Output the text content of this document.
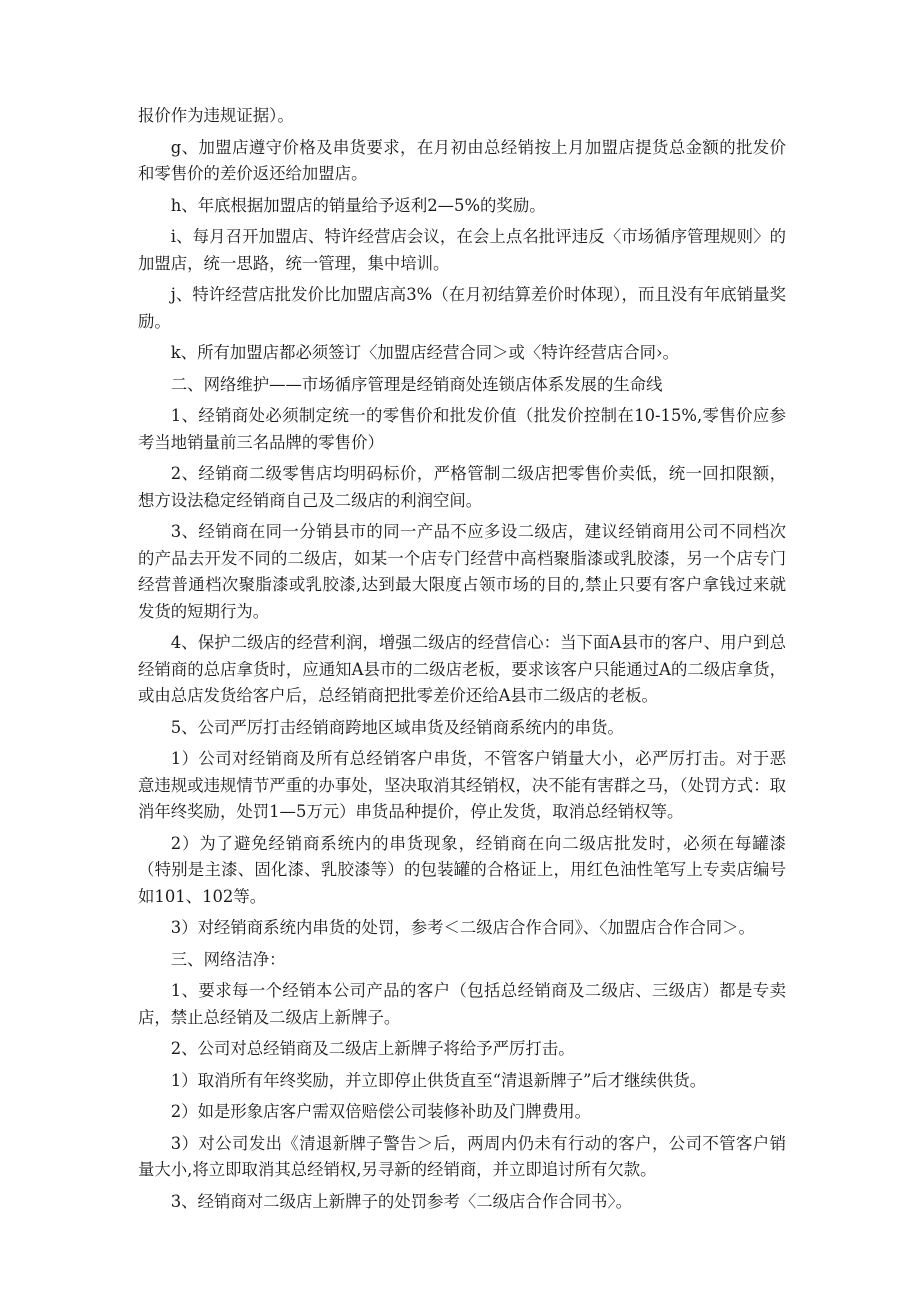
报价作为违规证据）。

g、加盟店遵守价格及串货要求，在月初由总经销按上月加盟店提货总金额的批发价和零售价的差价返还给加盟店。

h、年底根据加盟店的销量给予返利2—5%的奖励。

i、每月召开加盟店、特许经营店会议，在会上点名批评违反〈市场循序管理规则〉的加盟店，统一思路，统一管理，集中培训。

j、特许经营店批发价比加盟店高3%（在月初结算差价时体现），而且没有年底销量奖励。

k、所有加盟店都必须签订〈加盟店经营合同＞或〈特许经营店合同›。

二、网络维护——市场循序管理是经销商处连锁店体系发展的生命线

1、经销商处必须制定统一的零售价和批发价值（批发价控制在10-15%,零售价应参考当地销量前三名品牌的零售价）

2、经销商二级零售店均明码标价，严格管制二级店把零售价卖低，统一回扣限额，想方设法稳定经销商自己及二级店的利润空间。

3、经销商在同一分销县市的同一产品不应多设二级店，建议经销商用公司不同档次的产品去开发不同的二级店，如某一个店专门经营中高档聚脂漆或乳胶漆，另一个店专门经营普通档次聚脂漆或乳胶漆,达到最大限度占领市场的目的,禁止只要有客户拿钱过来就发货的短期行为。

4、保护二级店的经营利润，增强二级店的经营信心：当下面A县市的客户、用户到总经销商的总店拿货时，应通知A县市的二级店老板，要求该客户只能通过A的二级店拿货，或由总店发货给客户后，总经销商把批零差价还给A县市二级店的老板。

5、公司严厉打击经销商跨地区域串货及经销商系统内的串货。

1）公司对经销商及所有总经销客户串货，不管客户销量大小，必严厉打击。对于恶意违规或违规情节严重的办事处，坚决取消其经销权，决不能有害群之马，（处罚方式：取消年终奖励，处罚1—5万元）串货品种提价，停止发货，取消总经销权等。

2）为了避免经销商系统内的串货现象，经销商在向二级店批发时，必须在每罐漆（特别是主漆、固化漆、乳胶漆等）的包装罐的合格证上，用红色油性笔写上专卖店编号如101、102等。

3）对经销商系统内串货的处罚，参考＜二级店合作合同》、〈加盟店合作合同＞。

三、网络洁净：

1、要求每一个经销本公司产品的客户（包括总经销商及二级店、三级店）都是专卖店，禁止总经销及二级店上新牌子。

2、公司对总经销商及二级店上新牌子将给予严厉打击。

1）取消所有年终奖励，并立即停止供货直至“清退新牌子”后才继续供货。

2）如是形象店客户需双倍赔偿公司装修补助及门牌费用。

3）对公司发出《清退新牌子警告＞后，两周内仍未有行动的客户，公司不管客户销量大小,将立即取消其总经销权,另寻新的经销商，并立即追讨所有欠款。

3、经销商对二级店上新牌子的处罚参考〈二级店合作合同书〉。
